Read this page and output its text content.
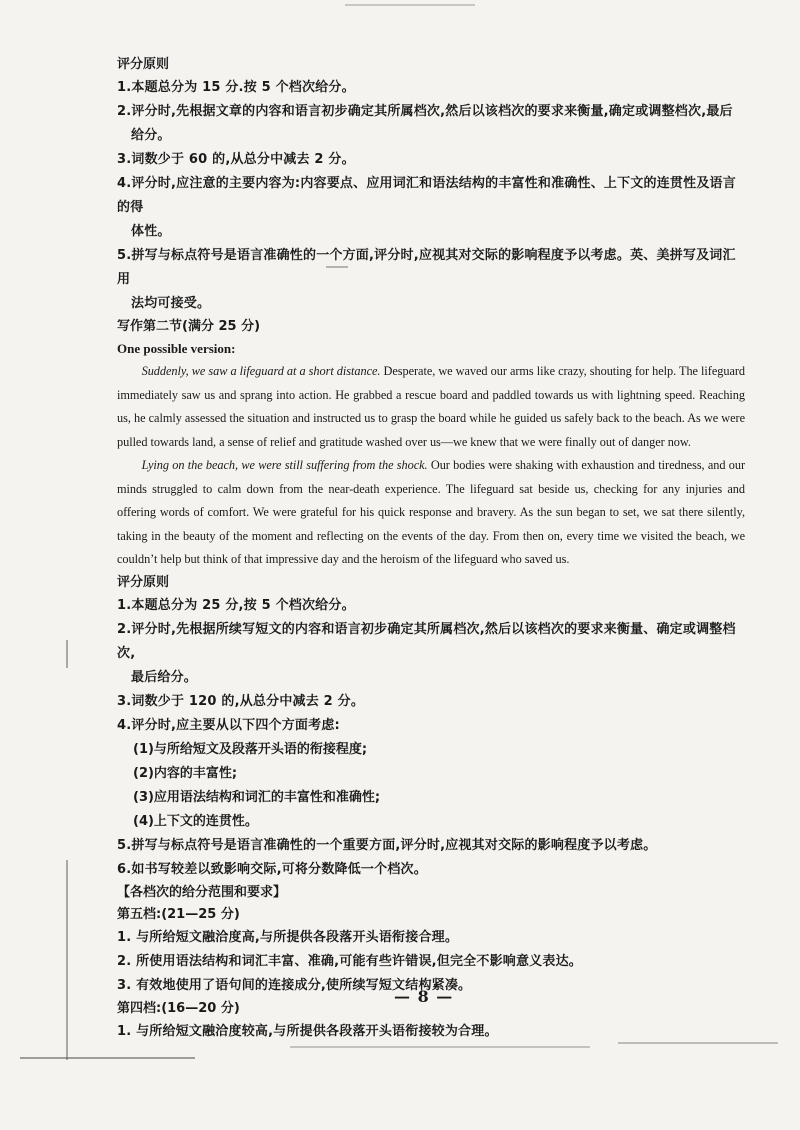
评分原则
1.本题总分为 15 分.按 5 个档次给分。
2.评分时,先根据文章的内容和语言初步确定其所属档次,然后以该档次的要求来衡量,确定或调整档次,最后
给分。
3.词数少于 60 的,从总分中减去 2 分。
4.评分时,应注意的主要内容为:内容要点、应用词汇和语法结构的丰富性和准确性、上下文的连贯性及语言的得
体性。
5.拼写与标点符号是语言准确性的一个方面,评分时,应视其对交际的影响程度予以考虑。英、美拼写及词汇用
法均可接受。
写作第二节(满分 25 分)
One possible version:

Suddenly, we saw a lifeguard at a short distance. Desperate, we waved our arms like crazy, shouting for help. The lifeguard immediately saw us and sprang into action. He grabbed a rescue board and paddled towards us with lightning speed. Reaching us, he calmly assessed the situation and instructed us to grasp the board while he guided us safely back to the beach. As we were pulled towards land, a sense of relief and gratitude washed over us—we knew that we were finally out of danger now.

Lying on the beach, we were still suffering from the shock. Our bodies were shaking with exhaustion and tiredness, and our minds struggled to calm down from the near-death experience. The lifeguard sat beside us, checking for any injuries and offering words of comfort. We were grateful for his quick response and bravery. As the sun began to set, we sat there silently, taking in the beauty of the moment and reflecting on the events of the day. From then on, every time we visited the beach, we couldn’t help but think of that impressive day and the heroism of the lifeguard who saved us.

评分原则
1.本题总分为 25 分,按 5 个档次给分。
2.评分时,先根据所续写短文的内容和语言初步确定其所属档次,然后以该档次的要求来衡量、确定或调整档次,
最后给分。
3.词数少于 120 的,从总分中减去 2 分。
4.评分时,应主要从以下四个方面考虑:
(1)与所给短文及段落开头语的衔接程度;
(2)内容的丰富性;
(3)应用语法结构和词汇的丰富性和准确性;
(4)上下文的连贯性。
5.拼写与标点符号是语言准确性的一个重要方面,评分时,应视其对交际的影响程度予以考虑。
6.如书写较差以致影响交际,可将分数降低一个档次。
【各档次的给分范围和要求】
第五档:(21—25 分)
1. 与所给短文融洽度高,与所提供各段落开头语衔接合理。
2. 所使用语法结构和词汇丰富、准确,可能有些许错误,但完全不影响意义表达。
3. 有效地使用了语句间的连接成分,使所续写短文结构紧凑。
第四档:(16—20 分)
1. 与所给短文融洽度较高,与所提供各段落开头语衔接较为合理。
— 8 —
